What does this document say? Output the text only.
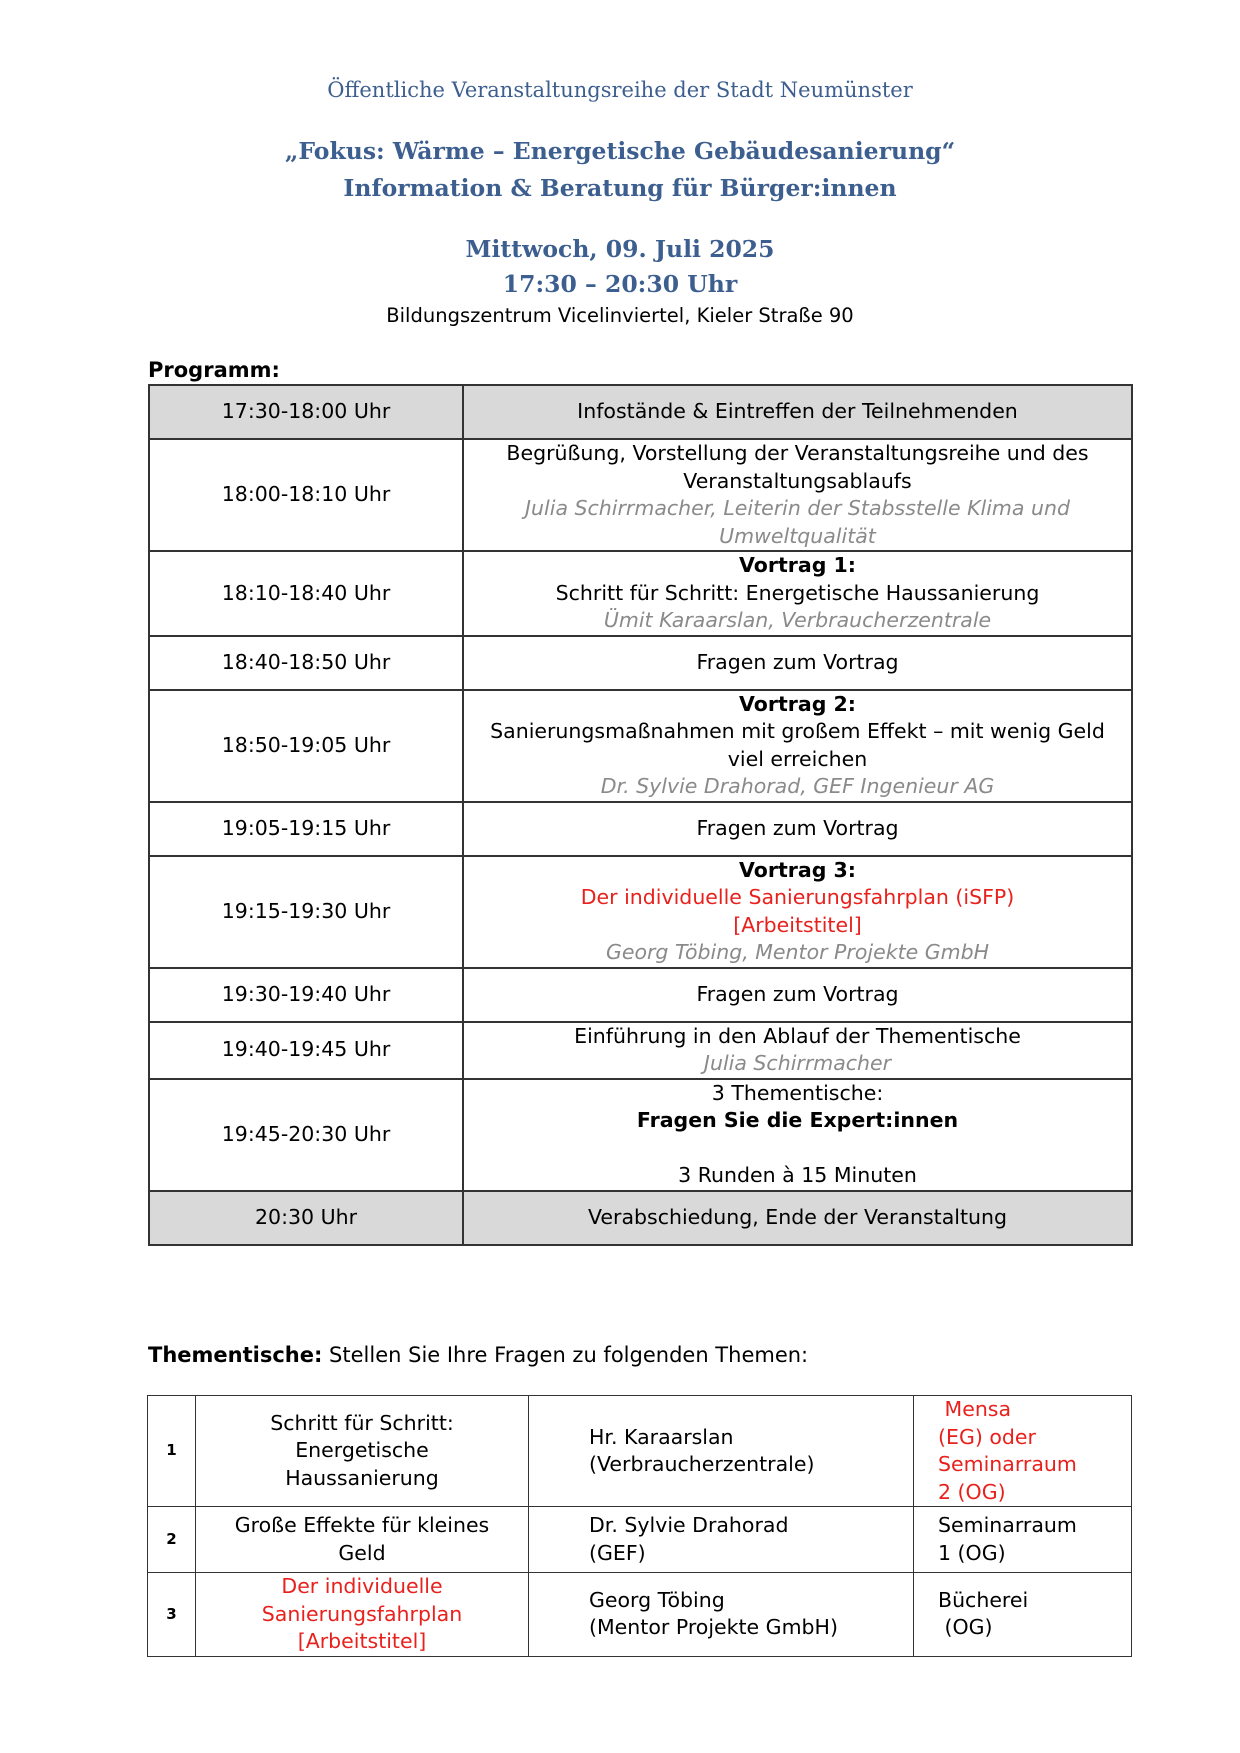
Öffentliche Veranstaltungsreihe der Stadt Neumünster
„Fokus: Wärme – Energetische Gebäudesanierung“
Information & Beratung für Bürger:innen
Mittwoch, 09. Juli 2025
17:30 – 20:30 Uhr
Bildungszentrum Vicelinviertel, Kieler Straße 90
Programm:
17:30-18:00 Uhr	Infostände & Eintreffen der Teilnehmenden

18:00-18:10 Uhr	Begrüßung, Vorstellung der Veranstaltungsreihe und des Veranstaltungsablaufs
Julia Schirrmacher, Leiterin der Stabsstelle Klima und Umweltqualität

18:10-18:40 Uhr	Vortrag 1:
Schritt für Schritt: Energetische Haussanierung
Ümit Karaarslan, Verbraucherzentrale

18:40-18:50 Uhr	Fragen zum Vortrag

18:50-19:05 Uhr	Vortrag 2:
Sanierungsmaßnahmen mit großem Effekt – mit wenig Geld viel erreichen
Dr. Sylvie Drahorad, GEF Ingenieur AG

19:05-19:15 Uhr	Fragen zum Vortrag

19:15-19:30 Uhr	Vortrag 3:
Der individuelle Sanierungsfahrplan (iSFP)
[Arbeitstitel]
Georg Töbing, Mentor Projekte GmbH

19:30-19:40 Uhr	Fragen zum Vortrag

19:40-19:45 Uhr	Einführung in den Ablauf der Thementische
Julia Schirrmacher

19:45-20:30 Uhr	3 Thementische:
Fragen Sie die Expert:innen

3 Runden à 15 Minuten

20:30 Uhr	Verabschiedung, Ende der Veranstaltung
Thementische: Stellen Sie Ihre Fragen zu folgenden Themen:
1	Schritt für Schritt:
Energetische
Haussanierung	Hr. Karaarslan
(Verbraucherzentrale)	Mensa
(EG) oder
Seminarraum
2 (OG)

2	Große Effekte für kleines
Geld	Dr. Sylvie Drahorad
(GEF)	Seminarraum
1 (OG)

3	Der individuelle
Sanierungsfahrplan
[Arbeitstitel]	Georg Töbing
(Mentor Projekte GmbH)	Bücherei
(OG)
